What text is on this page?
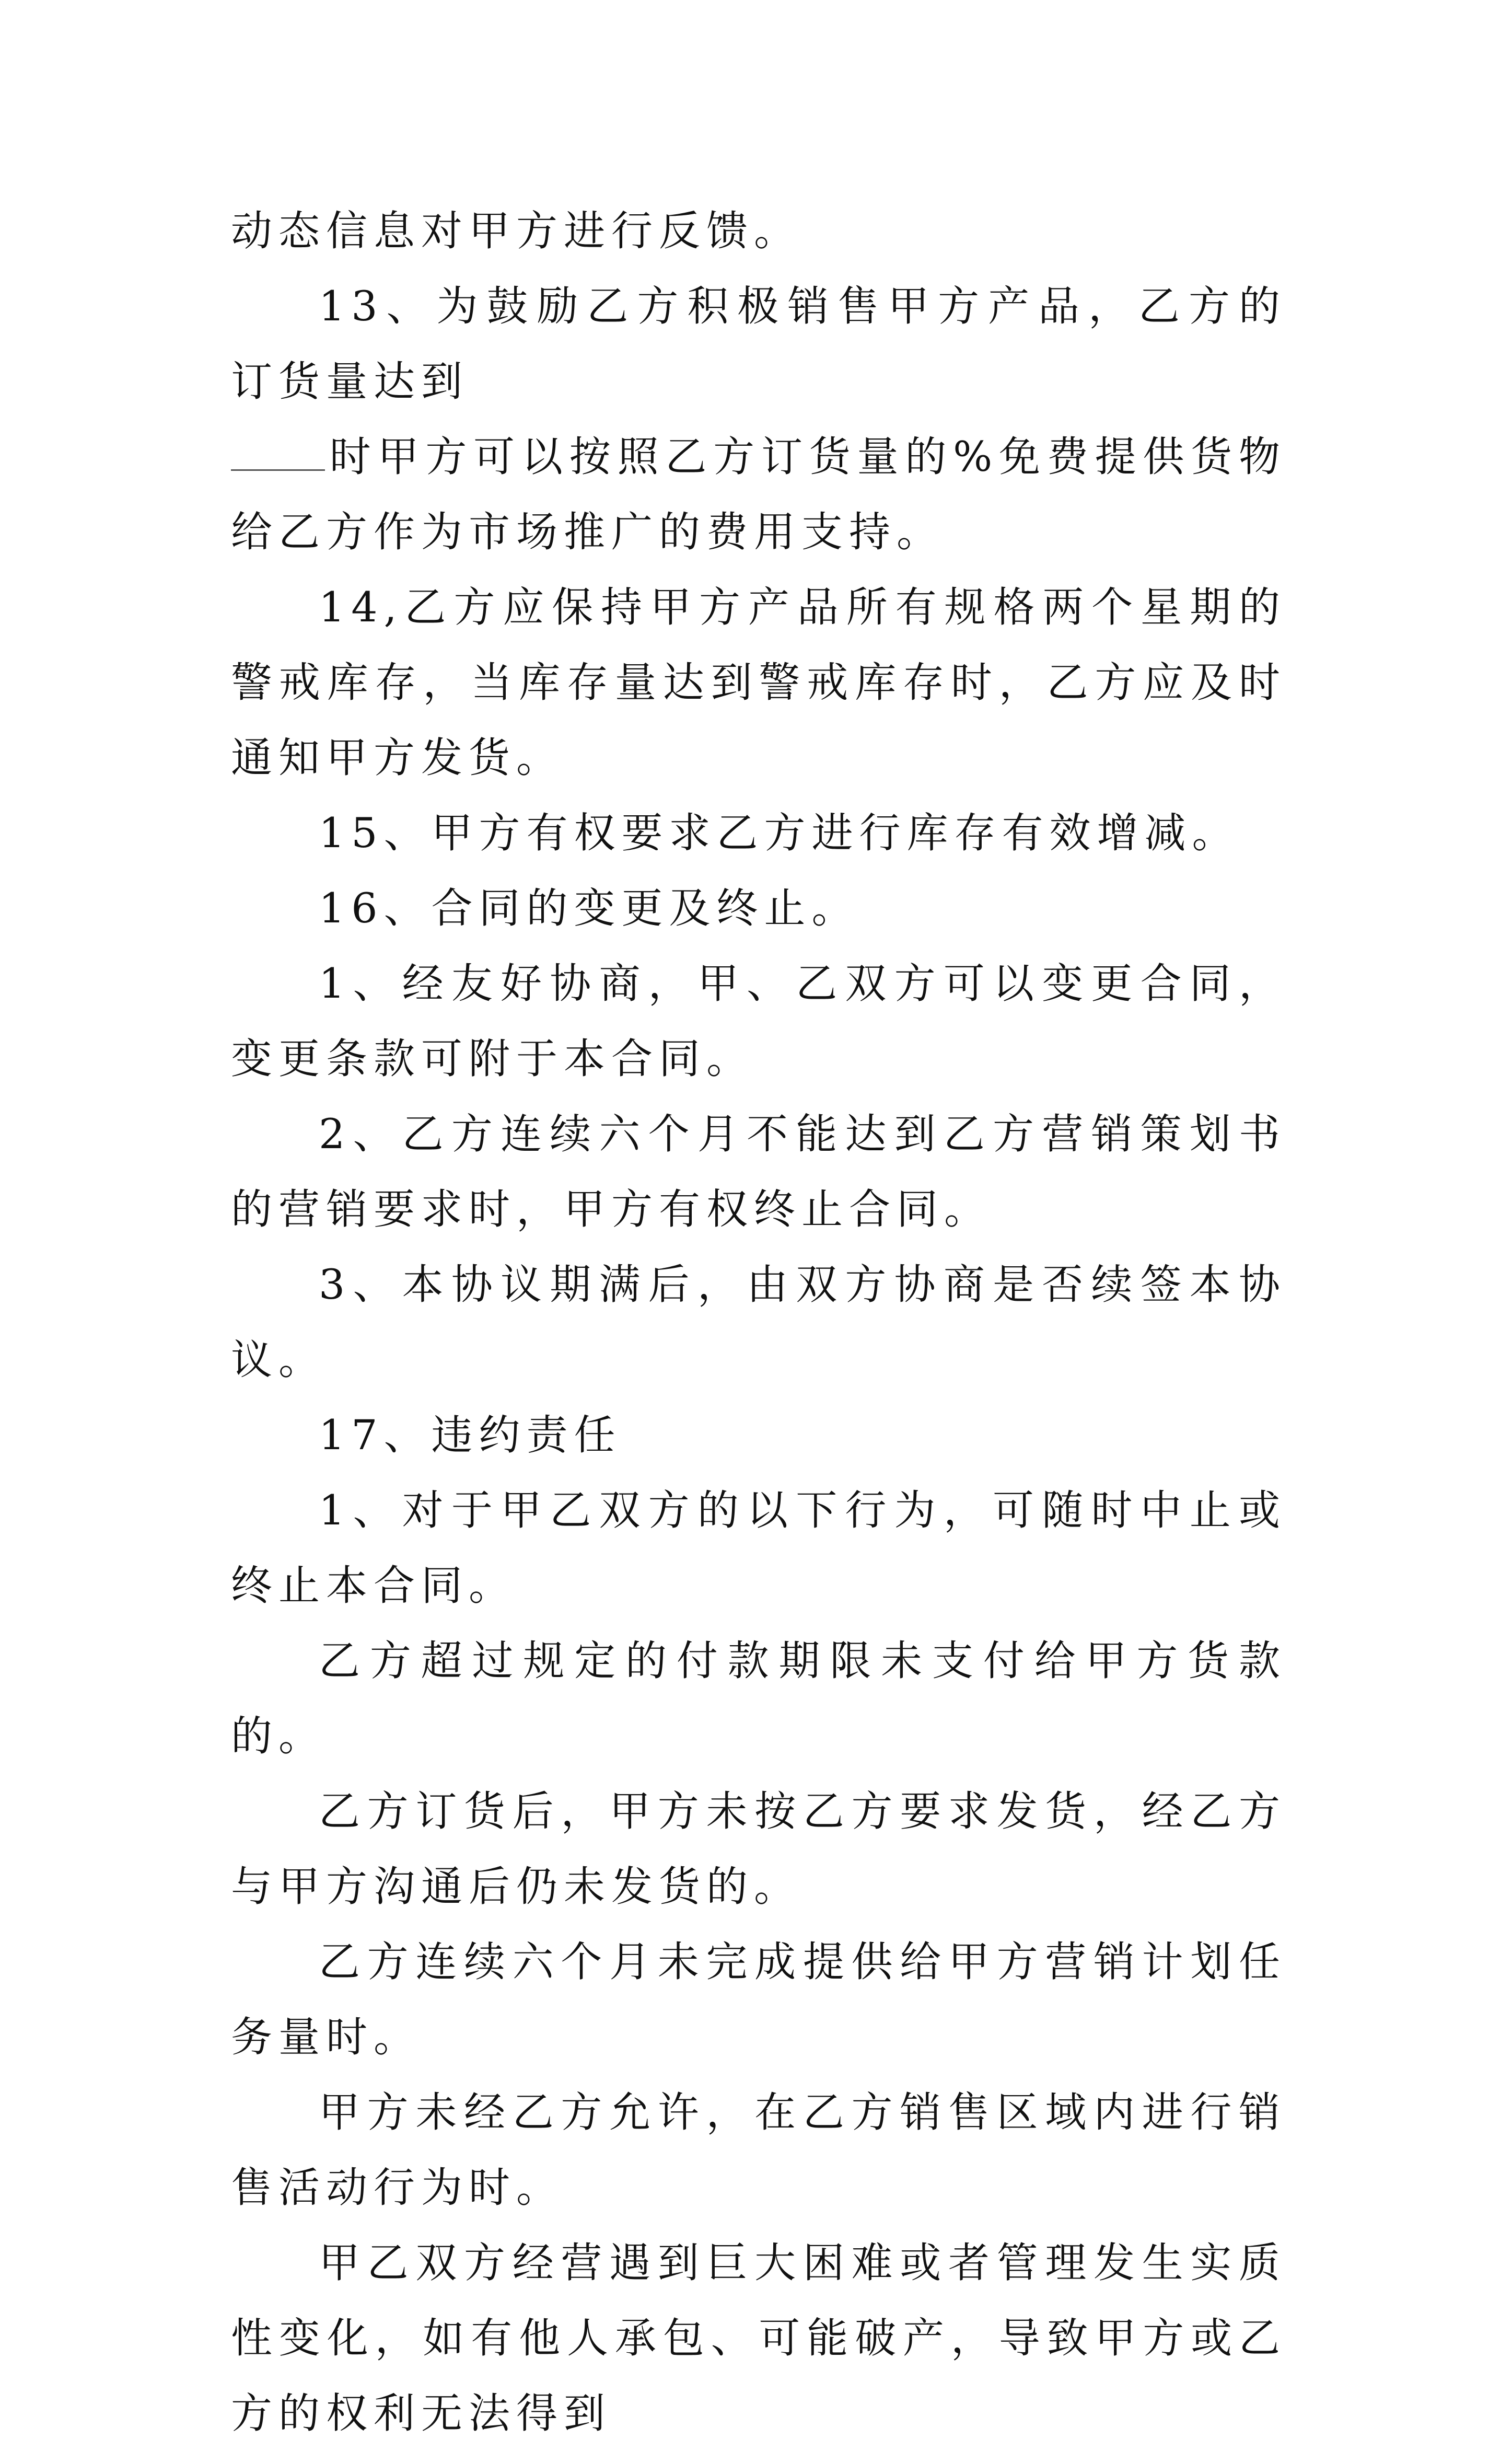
动态信息对甲方进行反馈。

13、为鼓励乙方积极销售甲方产品，乙方的订货量达到

时甲方可以按照乙方订货量的%免费提供货物给乙方作为市场推广的费用支持。

14,乙方应保持甲方产品所有规格两个星期的警戒库存，当库存量达到警戒库存时，乙方应及时通知甲方发货。

15、甲方有权要求乙方进行库存有效增减。

16、合同的变更及终止。

1、经友好协商，甲、乙双方可以变更合同，变更条款可附于本合同。

2、乙方连续六个月不能达到乙方营销策划书的营销要求时，甲方有权终止合同。

3、本协议期满后，由双方协商是否续签本协议。

17、违约责任

1、对于甲乙双方的以下行为，可随时中止或终止本合同。

乙方超过规定的付款期限未支付给甲方货款的。

乙方订货后，甲方未按乙方要求发货，经乙方与甲方沟通后仍未发货的。

乙方连续六个月未完成提供给甲方营销计划任务量时。

甲方未经乙方允许，在乙方销售区域内进行销售活动行为时。

甲乙双方经营遇到巨大困难或者管理发生实质性变化，如有他人承包、可能破产，导致甲方或乙方的权利无法得到
